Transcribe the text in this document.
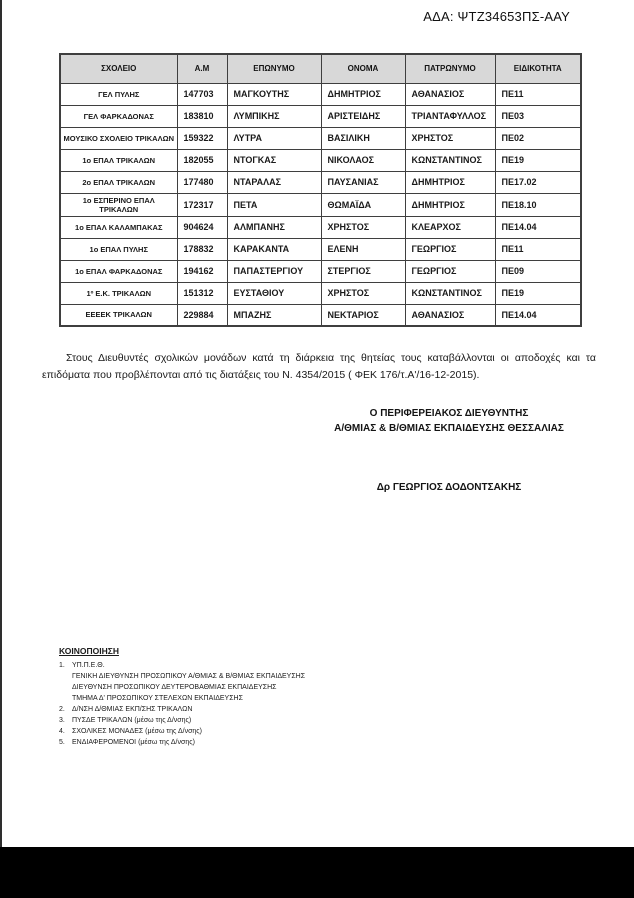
ΑΔΑ: ΨΤΖ34653ΠΣ-ΑΑΥ
ΣΧΟΛΕΙΟ	Α.Μ	ΕΠΩΝΥΜΟ	ΟΝΟΜΑ	ΠΑΤΡΩΝΥΜΟ	ΕΙΔΙΚΟΤΗΤΑ
ΓΕΛ ΠΥΛΗΣ	147703	ΜΑΓΚΟΥΤΗΣ	ΔΗΜΗΤΡΙΟΣ	ΑΘΑΝΑΣΙΟΣ	ΠΕ11
ΓΕΛ ΦΑΡΚΑΔΟΝΑΣ	183810	ΛΥΜΠΙΚΗΣ	ΑΡΙΣΤΕΙΔΗΣ	ΤΡΙΑΝΤΑΦΥΛΛΟΣ	ΠΕ03
ΜΟΥΣΙΚΟ ΣΧΟΛΕΙΟ ΤΡΙΚΑΛΩΝ	159322	ΛΥΤΡΑ	ΒΑΣΙΛΙΚΗ	ΧΡΗΣΤΟΣ	ΠΕ02
1ο ΕΠΑΛ ΤΡΙΚΑΛΩΝ	182055	ΝΤΟΓΚΑΣ	ΝΙΚΟΛΑΟΣ	ΚΩΝΣΤΑΝΤΙΝΟΣ	ΠΕ19
2ο ΕΠΑΛ ΤΡΙΚΑΛΩΝ	177480	ΝΤΑΡΑΛΑΣ	ΠΑΥΣΑΝΙΑΣ	ΔΗΜΗΤΡΙΟΣ	ΠΕ17.02
1ο ΕΣΠΕΡΙΝΟ ΕΠΑΛ ΤΡΙΚΑΛΩΝ	172317	ΠΕΤΑ	ΘΩΜΑΪΔΑ	ΔΗΜΗΤΡΙΟΣ	ΠΕ18.10
1ο ΕΠΑΛ ΚΑΛΑΜΠΑΚΑΣ	904624	ΑΛΜΠΑΝΗΣ	ΧΡΗΣΤΟΣ	ΚΛΕΑΡΧΟΣ	ΠΕ14.04
1ο ΕΠΑΛ ΠΥΛΗΣ	178832	ΚΑΡΑΚΑΝΤΑ	ΕΛΕΝΗ	ΓΕΩΡΓΙΟΣ	ΠΕ11
1ο ΕΠΑΛ ΦΑΡΚΑΔΟΝΑΣ	194162	ΠΑΠΑΣΤΕΡΓΙΟΥ	ΣΤΕΡΓΙΟΣ	ΓΕΩΡΓΙΟΣ	ΠΕ09
1º Ε.Κ. ΤΡΙΚΑΛΩΝ	151312	ΕΥΣΤΑΘΙΟΥ	ΧΡΗΣΤΟΣ	ΚΩΝΣΤΑΝΤΙΝΟΣ	ΠΕ19
ΕΕΕΕΚ ΤΡΙΚΑΛΩΝ	229884	ΜΠΑΖΗΣ	ΝΕΚΤΑΡΙΟΣ	ΑΘΑΝΑΣΙΟΣ	ΠΕ14.04

Στους Διευθυντές σχολικών μονάδων κατά τη διάρκεια της θητείας τους καταβάλλονται οι αποδοχές και τα επιδόματα που προβλέπονται από τις διατάξεις του Ν. 4354/2015 ( ΦΕΚ 176/τ.Α'/16-12-2015).

Ο ΠΕΡΙΦΕΡΕΙΑΚΟΣ ΔΙΕΥΘΥΝΤΗΣ
Α/ΘΜΙΑΣ & Β/ΘΜΙΑΣ ΕΚΠΑΙΔΕΥΣΗΣ ΘΕΣΣΑΛΙΑΣ
Δρ ΓΕΩΡΓΙΟΣ ΔΟΔΟΝΤΣΑΚΗΣ
ΚΟΙΝΟΠΟΙΗΣΗ
1.	ΥΠ.Π.Ε.Θ.
ΓΕΝΙΚΗ ΔΙΕΥΘΥΝΣΗ ΠΡΟΣΩΠΙΚΟΥ Α/ΘΜΙΑΣ & Β/ΘΜΙΑΣ ΕΚΠΑΙΔΕΥΣΗΣ
ΔΙΕΥΘΥΝΣΗ ΠΡΟΣΩΠΙΚΟΥ ΔΕΥΤΕΡΟΒΑΘΜΙΑΣ ΕΚΠΑΙΔΕΥΣΗΣ
ΤΜΗΜΑ Δ' ΠΡΟΣΩΠΙΚΟΥ ΣΤΕΛΕΧΩΝ ΕΚΠΑΙΔΕΥΣΗΣ
2.	Δ/ΝΣΗ Δ/ΘΜΙΑΣ ΕΚΠ/ΣΗΣ ΤΡΙΚΑΛΩΝ
3.	ΠΥΣΔΕ ΤΡΙΚΑΛΩΝ (μέσω της Δ/νσης)
4.	ΣΧΟΛΙΚΕΣ ΜΟΝΑΔΕΣ (μέσω της Δ/νσης)
5.	ΕΝΔΙΑΦΕΡΟΜΕΝΟΙ (μέσω της Δ/νσης)
